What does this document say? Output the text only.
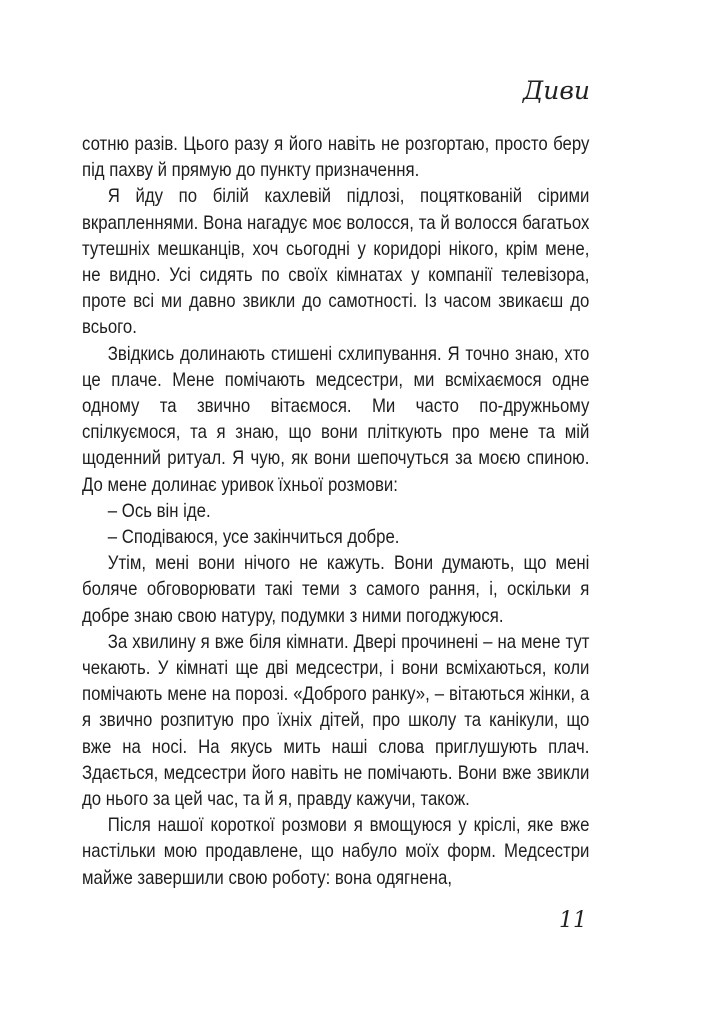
Диви

сотню разів. Цього разу я його навіть не розгортаю, просто беру під пахву й прямую до пункту призначення.

Я йду по білій кахлевій підлозі, поцяткованій сірими вкрапленнями. Вона нагадує моє волосся, та й волосся багатьох тутешніх мешканців, хоч сьогодні у коридорі нікого, крім мене, не видно. Усі сидять по своїх кімнатах у компанії телевізора, проте всі ми давно звикли до самотності. Із часом звикаєш до всього.

Звідкись долинають стишені схлипування. Я точно знаю, хто це плаче. Мене помічають медсестри, ми всміхаємося одне одному та звично вітаємося. Ми часто по-дружньому спілкуємося, та я знаю, що вони пліткують про мене та мій щоденний ритуал. Я чую, як вони шепочуться за моєю спиною. До мене долинає уривок їхньої розмови:

– Ось він іде.

– Сподіваюся, усе закінчиться добре.

Утім, мені вони нічого не кажуть. Вони думають, що мені боляче обговорювати такі теми з самого рання, і, оскільки я добре знаю свою натуру, подумки з ними погоджуюся.

За хвилину я вже біля кімнати. Двері прочинені – на мене тут чекають. У кімнаті ще дві медсестри, і вони всміхаються, коли помічають мене на порозі. «Доброго ранку», – вітаються жінки, а я звично розпитую про їхніх дітей, про школу та канікули, що вже на носі. На якусь мить наші слова приглушують плач. Здається, медсестри його навіть не помічають. Вони вже звикли до нього за цей час, та й я, правду кажучи, також.

Після нашої короткої розмови я вмощуюся у кріслі, яке вже настільки мою продавлене, що набуло моїх форм. Медсестри майже завершили свою роботу: вона одягнена,

11
